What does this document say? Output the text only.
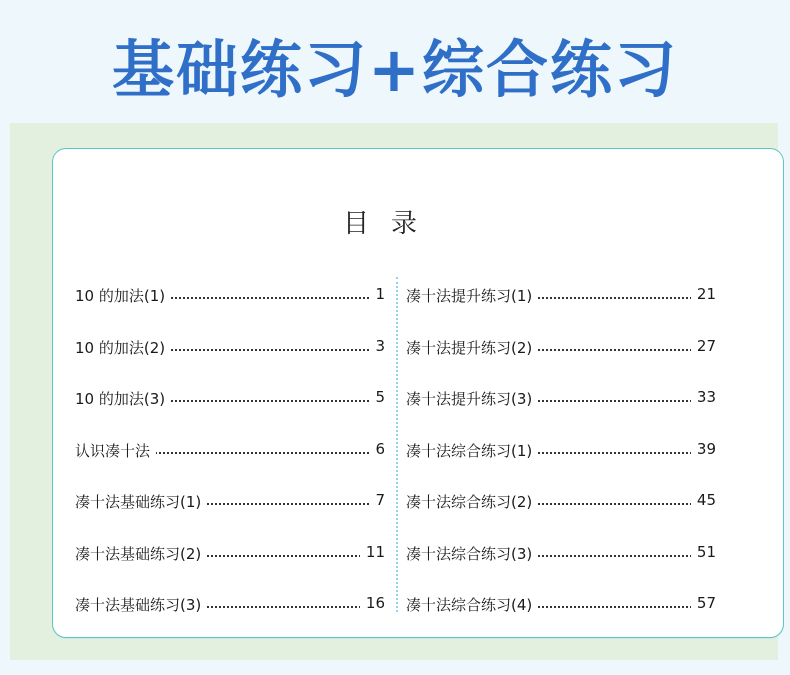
基础练习+综合练习
目录
10 的加法(1)	1
10 的加法(2)	3
10 的加法(3)	5
认识凑十法	6
凑十法基础练习(1)	7
凑十法基础练习(2)	11
凑十法基础练习(3)	16
凑十法提升练习(1)	21
凑十法提升练习(2)	27
凑十法提升练习(3)	33
凑十法综合练习(1)	39
凑十法综合练习(2)	45
凑十法综合练习(3)	51
凑十法综合练习(4)	57
